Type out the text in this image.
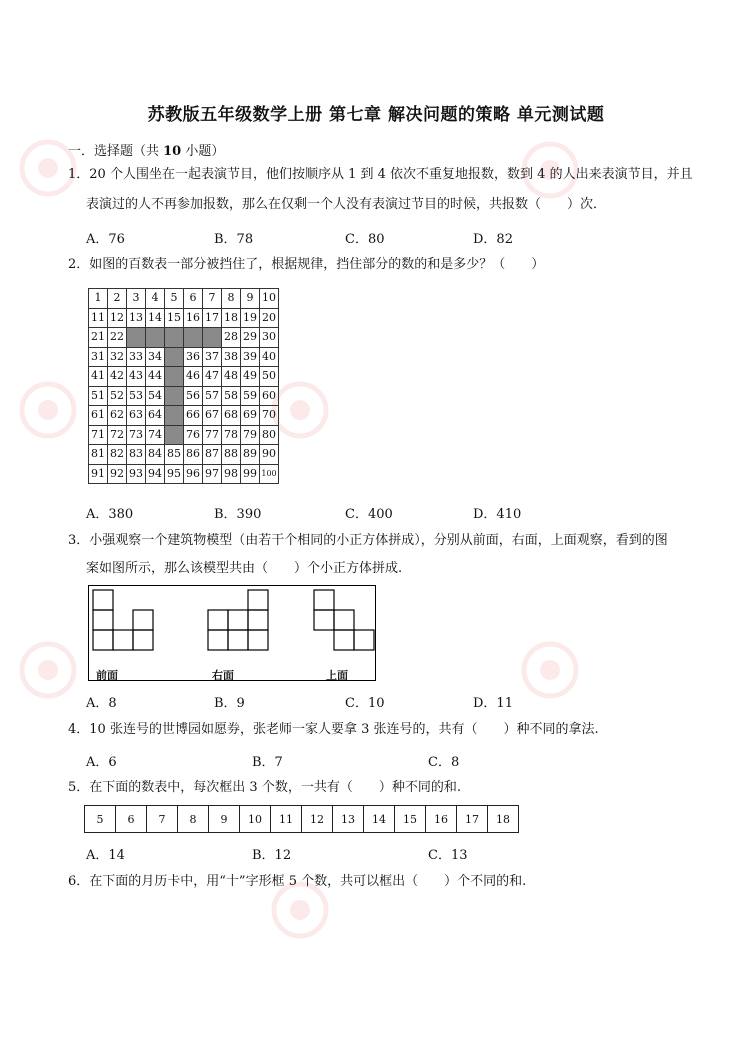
苏教版五年级数学上册 第七章 解决问题的策略 单元测试题
一．选择题（共 10 小题）
1．20 个人围坐在一起表演节目，他们按顺序从 1 到 4 依次不重复地报数，数到 4 的人出来表演节目，并且
表演过的人不再参加报数，那么在仅剩一个人没有表演过节目的时候，共报数（　　）次．
A．76	B．78	C．80	D．82
2．如图的百数表一部分被挡住了，根据规律，挡住部分的数的和是多少？（　　）
1	2	3	4	5	6	7	8	9	10
11	12	13	14	15	16	17	18	19	20
21	22						28	29	30
31	32	33	34		36	37	38	39	40
41	42	43	44		46	47	48	49	50
51	52	53	54		56	57	58	59	60
61	62	63	64		66	67	68	69	70
71	72	73	74		76	77	78	79	80
81	82	83	84	85	86	87	88	89	90
91	92	93	94	95	96	97	98	99	100
A．380	B．390	C．400	D．410
3．小强观察一个建筑物模型（由若干个相同的小正方体拼成），分别从前面，右面，上面观察，看到的图
案如图所示，那么该模型共由（　　）个小正方体拼成.
前面	右面	上面
A．8	B．9	C．10	D．11
4．10 张连号的世博园如愿券，张老师一家人要拿 3 张连号的，共有（　　）种不同的拿法.
A．6	B．7	C．8
5．在下面的数表中，每次框出 3 个数，一共有（　　）种不同的和.
5	6	7	8	9	10	11	12	13	14	15	16	17	18
A．14	B．12	C．13
6．在下面的月历卡中，用“十”字形框 5 个数，共可以框出（　　）个不同的和.
